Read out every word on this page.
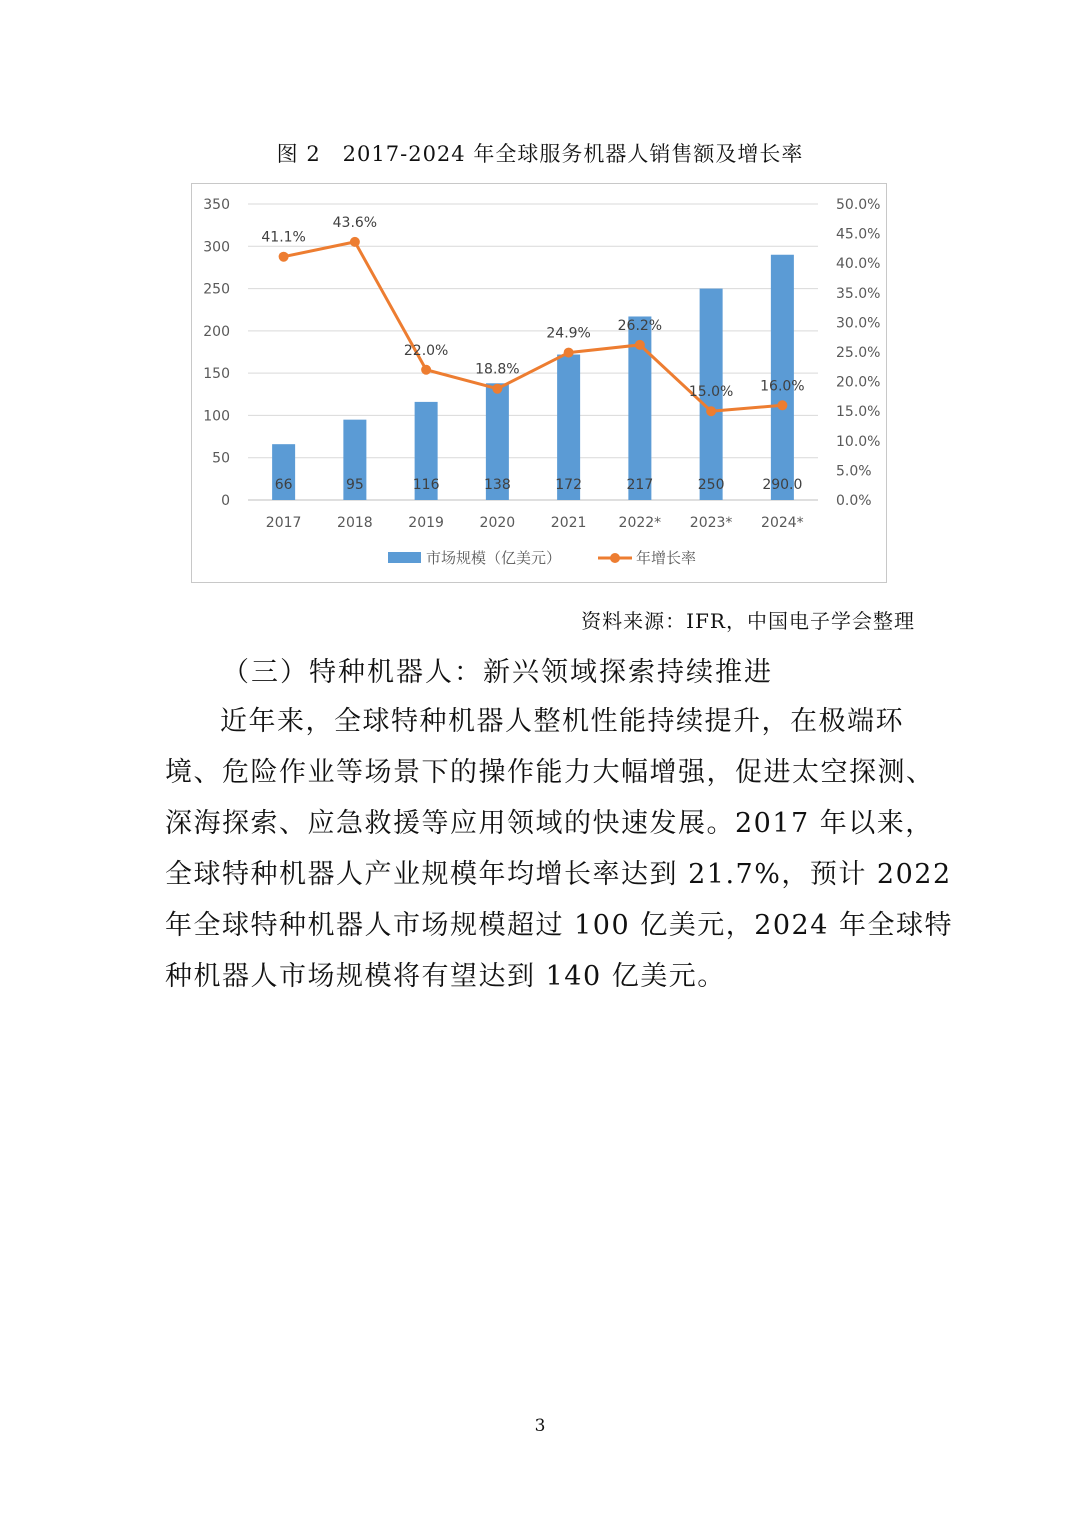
图 2　2017-2024 年全球服务机器人销售额及增长率
0
50
100
150
200
250
300
350
0.0%
5.0%
10.0%
15.0%
20.0%
25.0%
30.0%
35.0%
40.0%
45.0%
50.0%
2017	2018	2019	2020	2021 2022* 2023* 2024*
66	95	116	138	172	217	250	290.0
41.1%
43.6%
22.0%
18.8%
24.9% 26.2%
15.0% 16.0%
市场规模（亿美元）	年增长率
资料来源：IFR，中国电子学会整理
（三）特种机器人：新兴领域探索持续推进
近年来，全球特种机器人整机性能持续提升，在极端环
境、危险作业等场景下的操作能力大幅增强，促进太空探测、
深海探索、应急救援等应用领域的快速发展。2017 年以来，
全球特种机器人产业规模年均增长率达到 21.7%，预计 2022
年全球特种机器人市场规模超过 100 亿美元，2024 年全球特
种机器人市场规模将有望达到 140 亿美元。
3
